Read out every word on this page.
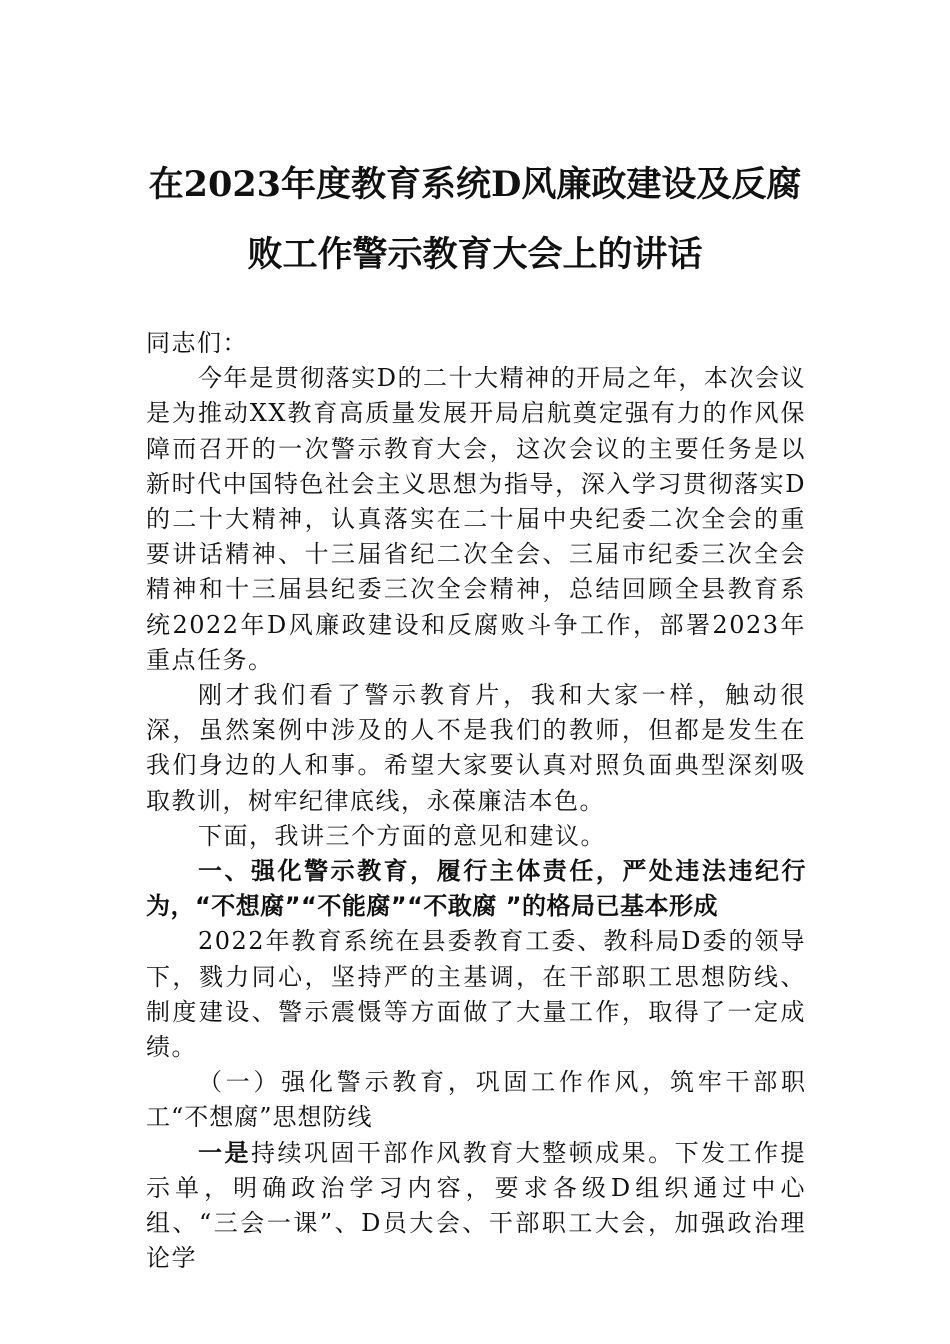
在2023年度教育系统D风廉政建设及反腐
败工作警示教育大会上的讲话

同志们：

今年是贯彻落实D的二十大精神的开局之年，本次会议是为推动XX教育高质量发展开局启航奠定强有力的作风保障而召开的一次警示教育大会，这次会议的主要任务是以新时代中国特色社会主义思想为指导，深入学习贯彻落实D的二十大精神，认真落实在二十届中央纪委二次全会的重要讲话精神、十三届省纪二次全会、三届市纪委三次全会精神和十三届县纪委三次全会精神，总结回顾全县教育系统2022年D风廉政建设和反腐败斗争工作，部署2023年重点任务。

刚才我们看了警示教育片，我和大家一样，触动很深，虽然案例中涉及的人不是我们的教师，但都是发生在我们身边的人和事。希望大家要认真对照负面典型深刻吸取教训，树牢纪律底线，永葆廉洁本色。

下面，我讲三个方面的意见和建议。

一、强化警示教育，履行主体责任，严处违法违纪行为，“不想腐”“不能腐”“不敢腐 ”的格局已基本形成

2022年教育系统在县委教育工委、教科局D委的领导下，戮力同心，坚持严的主基调，在干部职工思想防线、制度建设、警示震慑等方面做了大量工作，取得了一定成绩。

（一）强化警示教育，巩固工作作风，筑牢干部职工“不想腐”思想防线

一是持续巩固干部作风教育大整顿成果。下发工作提示单，明确政治学习内容，要求各级D组织通过中心组、“三会一课”、D员大会、干部职工大会，加强政治理论学
